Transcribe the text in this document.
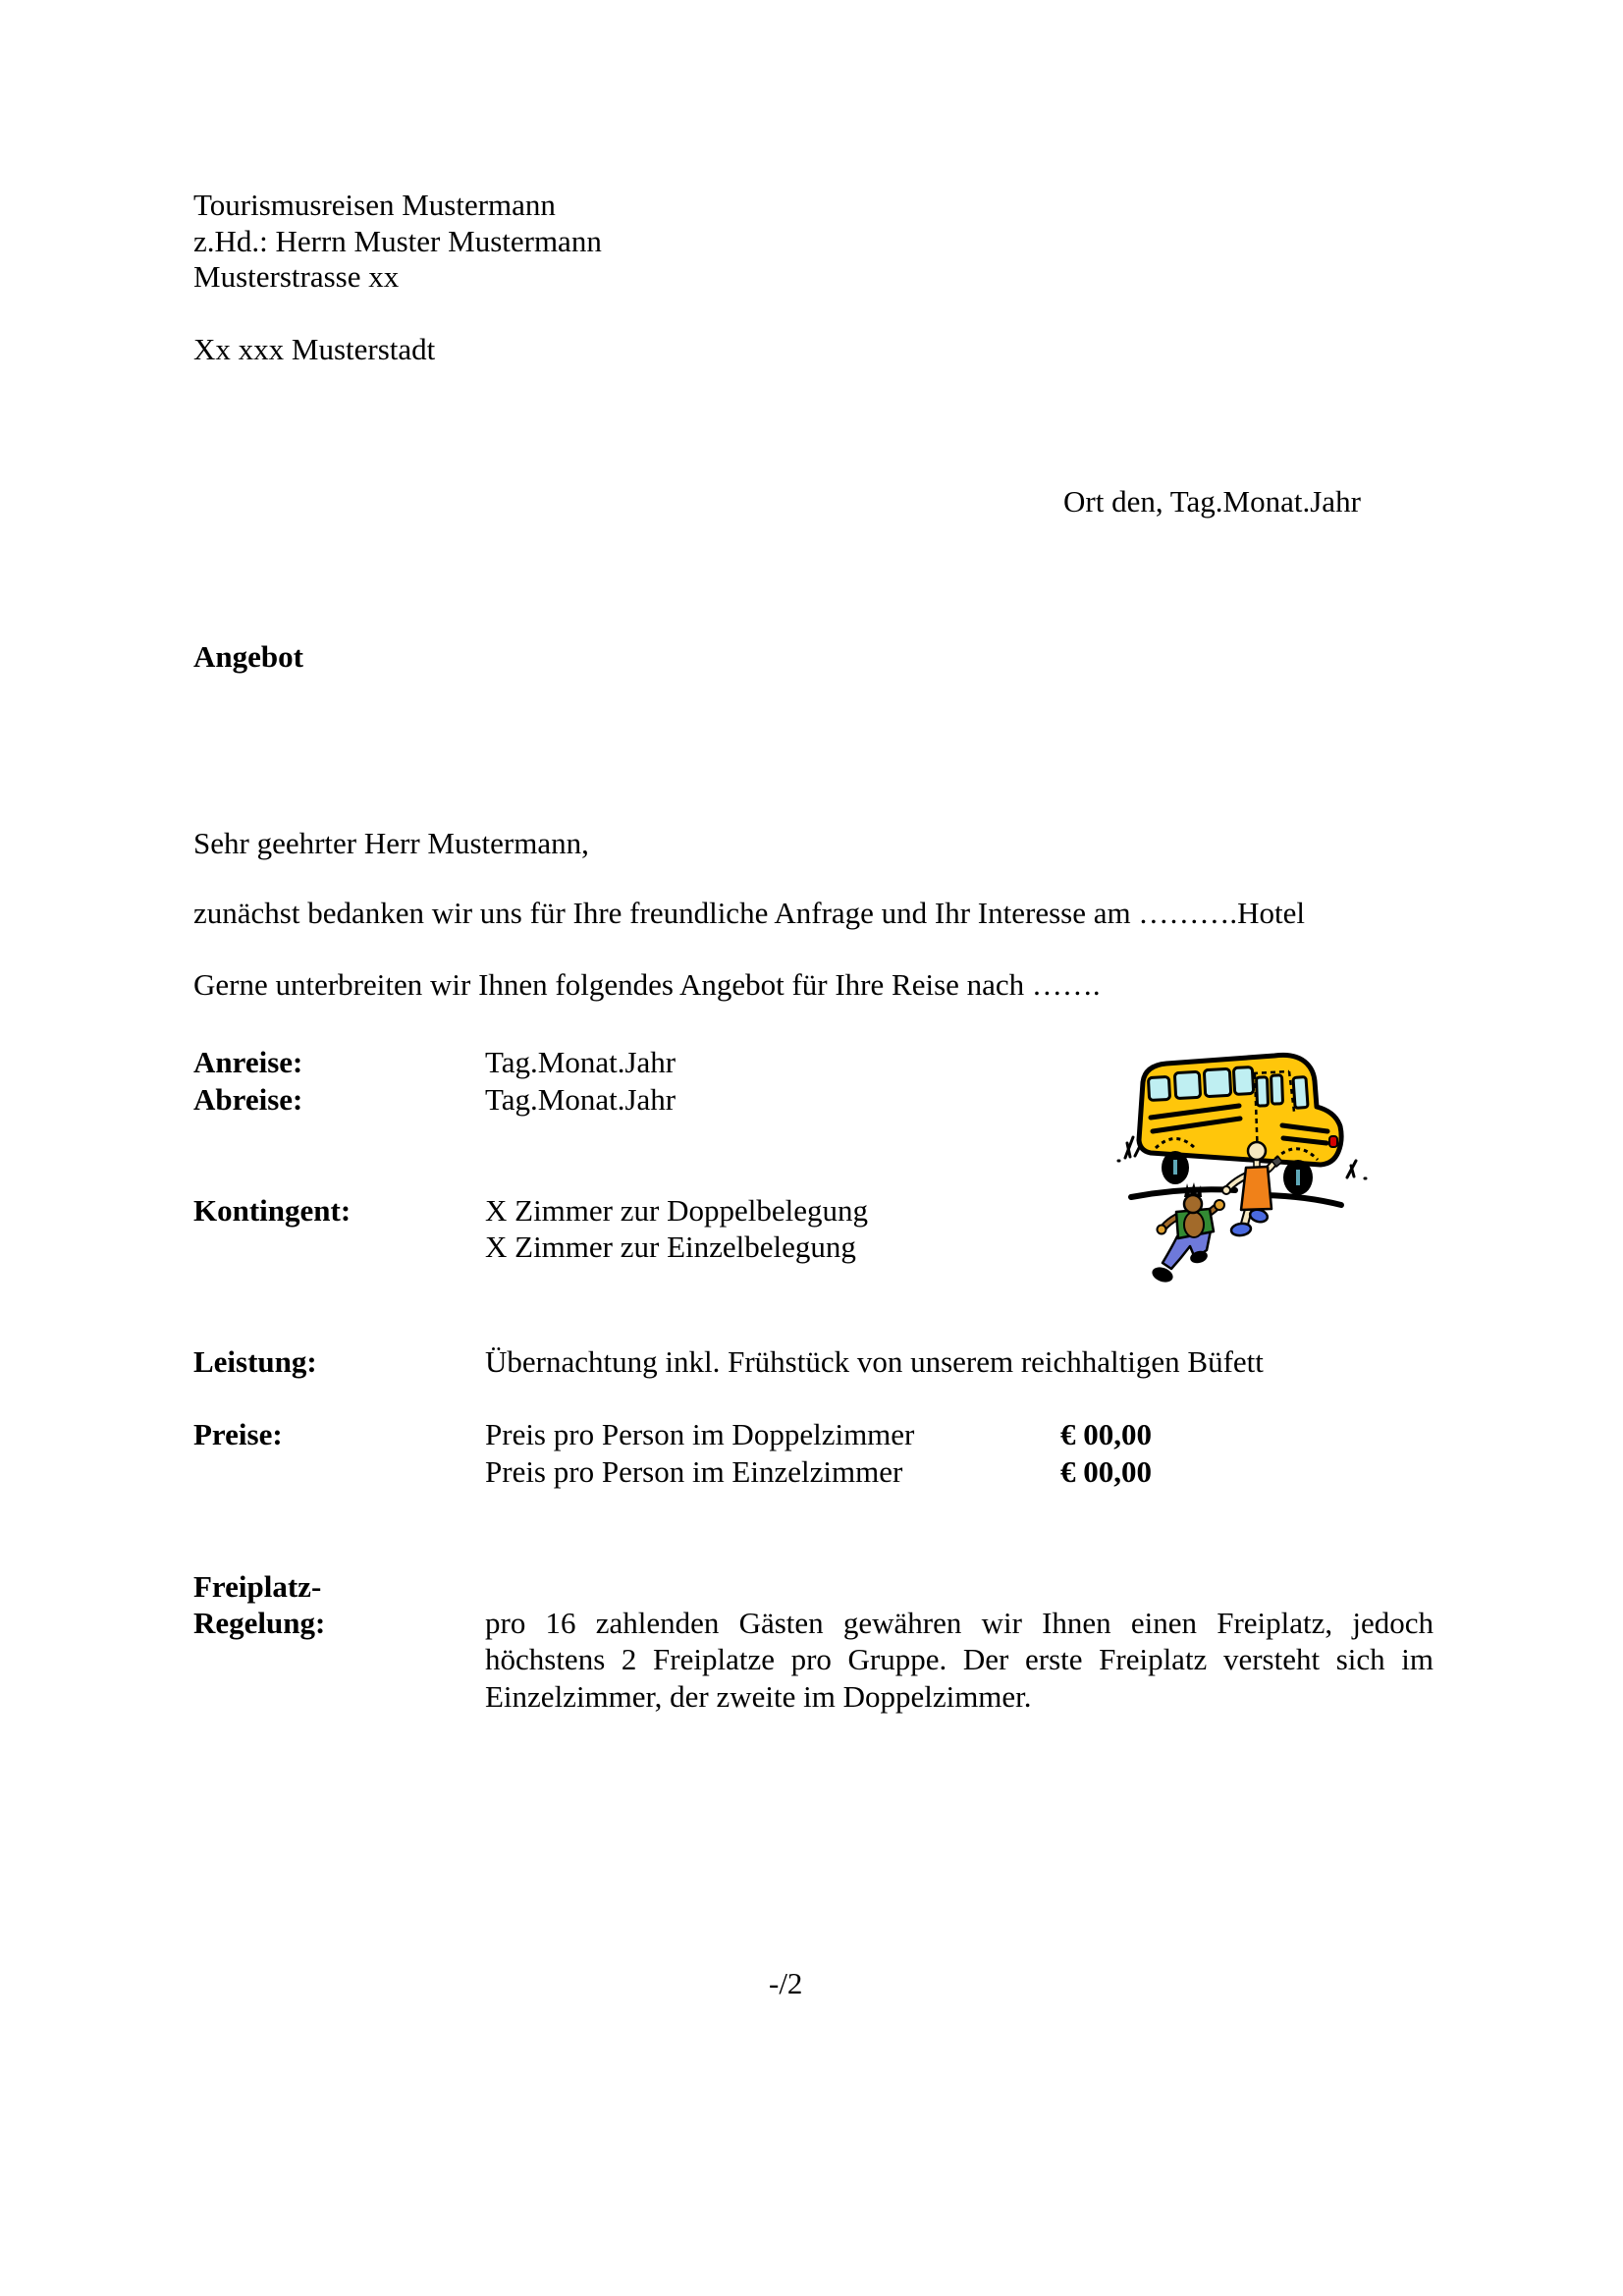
Tourismusreisen Mustermann
z.Hd.: Herrn Muster Mustermann
Musterstrasse xx
Xx xxx Musterstadt
Ort den, Tag.Monat.Jahr
Angebot
Sehr geehrter Herr Mustermann,
zunächst bedanken wir uns für Ihre freundliche Anfrage und Ihr Interesse am ……….Hotel
Gerne unterbreiten wir Ihnen folgendes Angebot für Ihre Reise nach …….
Anreise:	Tag.Monat.Jahr
Abreise:	Tag.Monat.Jahr
Kontingent:	X Zimmer zur Doppelbelegung
X Zimmer zur Einzelbelegung
Leistung:	Übernachtung inkl. Frühstück von unserem reichhaltigen Büfett
Preise:	Preis pro Person im Doppelzimmer	€ 00,00
Preis pro Person im Einzelzimmer	€ 00,00
Freiplatz-
Regelung:	pro 16 zahlenden Gästen gewähren wir Ihnen einen Freiplatz, jedoch höchstens 2 Freiplatze pro Gruppe. Der erste Freiplatz versteht sich im Einzelzimmer, der zweite im Doppelzimmer.
-/2
